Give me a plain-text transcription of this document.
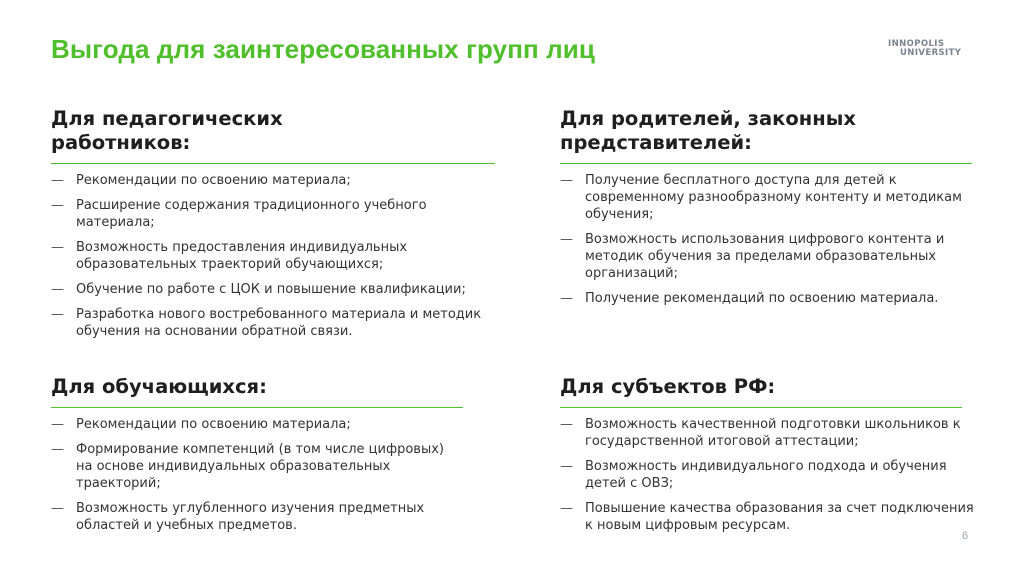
Выгода для заинтересованных групп лиц	INNOPOLIS
UNIVERSITY
Для педагогических
работников:
— Рекомендации по освоению материала;
— Расширение содержания традиционного учебного материала;
— Возможность предоставления индивидуальных образовательных траекторий обучающихся;
— Обучение по работе с ЦОК и повышение квалификации;
— Разработка нового востребованного материала и методик обучения на основании обратной связи.
Для родителей, законных
представителей:
— Получение бесплатного доступа для детей к современному разнообразному контенту и методикам обучения;
— Возможность использования цифрового контента и методик обучения за пределами образовательных организаций;
— Получение рекомендаций по освоению материала.
Для обучающихся:
— Рекомендации по освоению материала;
— Формирование компетенций (в том числе цифровых) на основе индивидуальных образовательных траекторий;
— Возможность углубленного изучения предметных областей и учебных предметов.
Для субъектов РФ:
— Возможность качественной подготовки школьников к государственной итоговой аттестации;
— Возможность индивидуального подхода и обучения детей с ОВЗ;
— Повышение качества образования за счет подключения к новым цифровым ресурсам.
6
